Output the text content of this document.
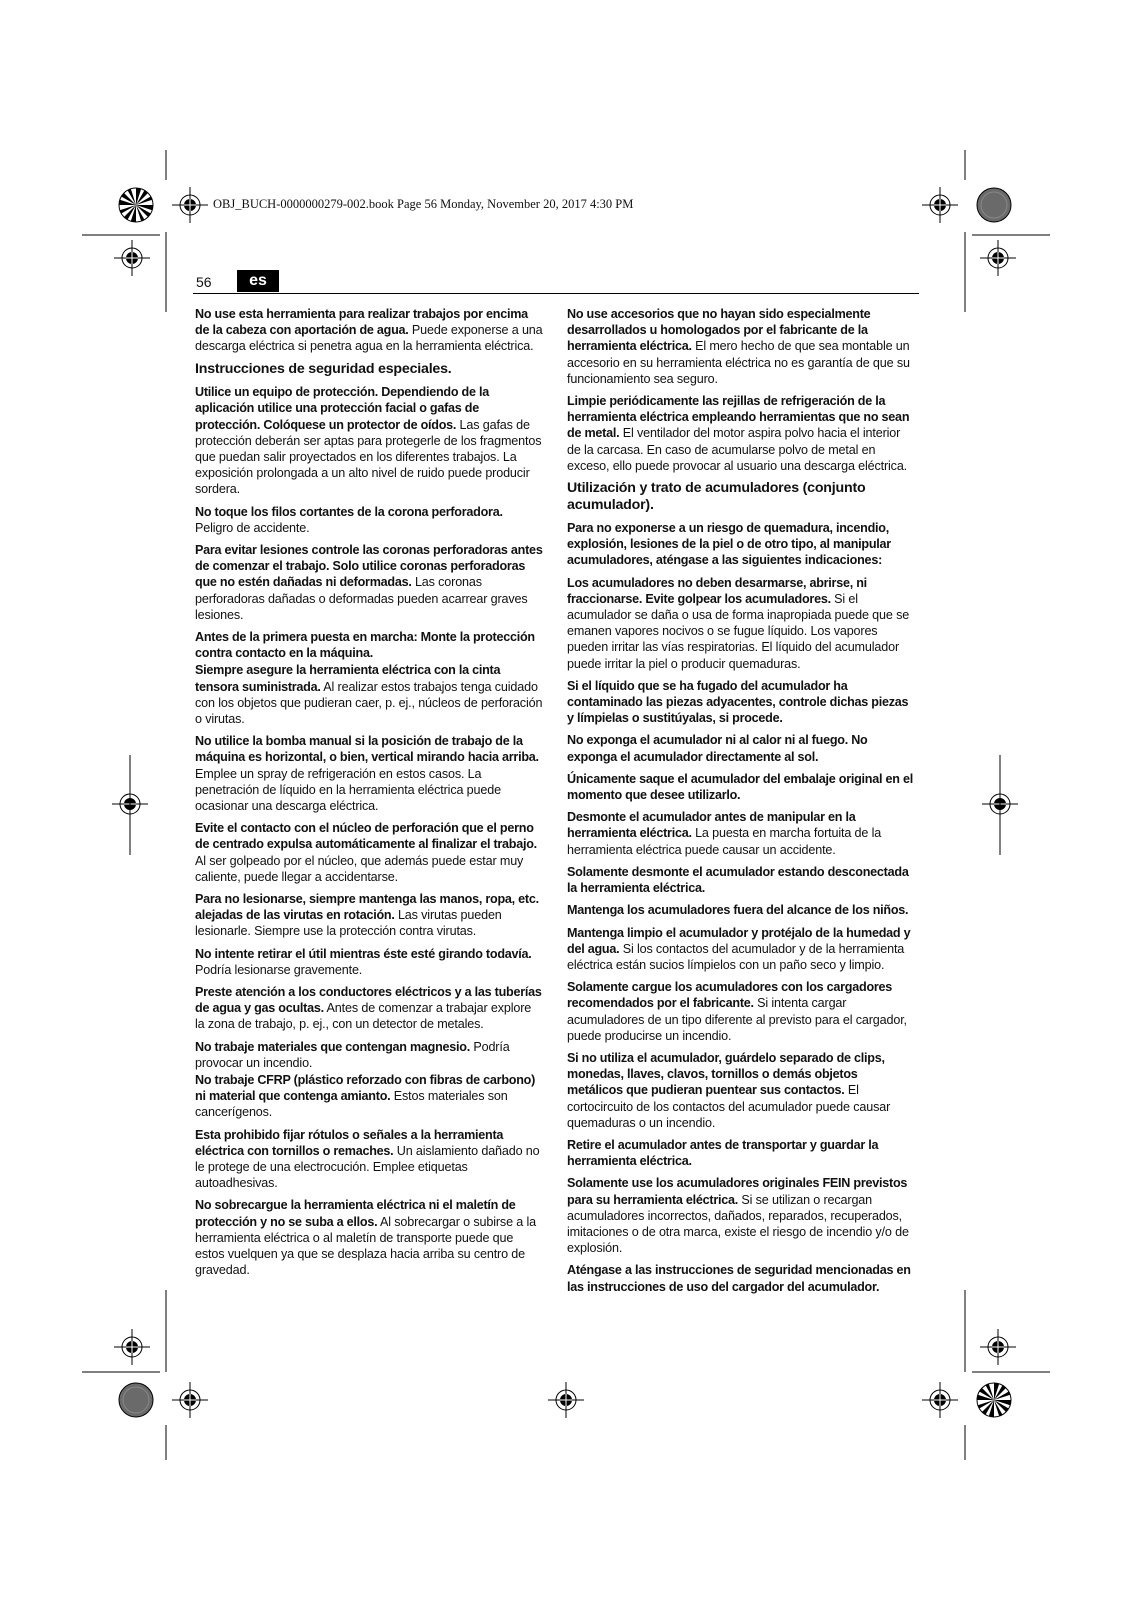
OBJ_BUCH-0000000279-002.book Page 56 Monday, November 20, 2017 4:30 PM
56	es

No use esta herramienta para realizar trabajos por encima de la cabeza con aportación de agua. Puede exponerse a una descarga eléctrica si penetra agua en la herramienta eléctrica.

Instrucciones de seguridad especiales.

Utilice un equipo de protección. Dependiendo de la aplicación utilice una protección facial o gafas de protección. Colóquese un protector de oídos. Las gafas de protección deberán ser aptas para protegerle de los fragmentos que puedan salir proyectados en los diferentes trabajos. La exposición prolongada a un alto nivel de ruido puede producir sordera.

No toque los filos cortantes de la corona perforadora. Peligro de accidente.

Para evitar lesiones controle las coronas perforadoras antes de comenzar el trabajo. Solo utilice coronas perforadoras que no estén dañadas ni deformadas. Las coronas perforadoras dañadas o deformadas pueden acarrear graves lesiones.

Antes de la primera puesta en marcha: Monte la protección contra contacto en la máquina.

Siempre asegure la herramienta eléctrica con la cinta tensora suministrada. Al realizar estos trabajos tenga cuidado con los objetos que pudieran caer, p. ej., núcleos de perforación o virutas.

No utilice la bomba manual si la posición de trabajo de la máquina es horizontal, o bien, vertical mirando hacia arriba. Emplee un spray de refrigeración en estos casos. La penetración de líquido en la herramienta eléctrica puede ocasionar una descarga eléctrica.

Evite el contacto con el núcleo de perforación que el perno de centrado expulsa automáticamente al finalizar el trabajo. Al ser golpeado por el núcleo, que además puede estar muy caliente, puede llegar a accidentarse.

Para no lesionarse, siempre mantenga las manos, ropa, etc. alejadas de las virutas en rotación. Las virutas pueden lesionarle. Siempre use la protección contra virutas.

No intente retirar el útil mientras éste esté girando todavía. Podría lesionarse gravemente.

Preste atención a los conductores eléctricos y a las tuberías de agua y gas ocultas. Antes de comenzar a trabajar explore la zona de trabajo, p. ej., con un detector de metales.

No trabaje materiales que contengan magnesio. Podría provocar un incendio.

No trabaje CFRP (plástico reforzado con fibras de carbono) ni material que contenga amianto. Estos materiales son cancerígenos.

Esta prohibido fijar rótulos o señales a la herramienta eléctrica con tornillos o remaches. Un aislamiento dañado no le protege de una electrocución. Emplee etiquetas autoadhesivas.

No sobrecargue la herramienta eléctrica ni el maletín de protección y no se suba a ellos. Al sobrecargar o subirse a la herramienta eléctrica o al maletín de transporte puede que estos vuelquen ya que se desplaza hacia arriba su centro de gravedad.

No use accesorios que no hayan sido especialmente desarrollados u homologados por el fabricante de la herramienta eléctrica. El mero hecho de que sea montable un accesorio en su herramienta eléctrica no es garantía de que su funcionamiento sea seguro.

Limpie periódicamente las rejillas de refrigeración de la herramienta eléctrica empleando herramientas que no sean de metal. El ventilador del motor aspira polvo hacia el interior de la carcasa. En caso de acumularse polvo de metal en exceso, ello puede provocar al usuario una descarga eléctrica.

Utilización y trato de acumuladores (conjunto acumulador).

Para no exponerse a un riesgo de quemadura, incendio, explosión, lesiones de la piel o de otro tipo, al manipular acumuladores, aténgase a las siguientes indicaciones:

Los acumuladores no deben desarmarse, abrirse, ni fraccionarse. Evite golpear los acumuladores. Si el acumulador se daña o usa de forma inapropiada puede que se emanen vapores nocivos o se fugue líquido. Los vapores pueden irritar las vías respiratorias. El líquido del acumulador puede irritar la piel o producir quemaduras.

Si el líquido que se ha fugado del acumulador ha contaminado las piezas adyacentes, controle dichas piezas y límpielas o sustitúyalas, si procede.

No exponga el acumulador ni al calor ni al fuego. No exponga el acumulador directamente al sol.

Únicamente saque el acumulador del embalaje original en el momento que desee utilizarlo.

Desmonte el acumulador antes de manipular en la herramienta eléctrica. La puesta en marcha fortuita de la herramienta eléctrica puede causar un accidente.

Solamente desmonte el acumulador estando desconectada la herramienta eléctrica.

Mantenga los acumuladores fuera del alcance de los niños.

Mantenga limpio el acumulador y protéjalo de la humedad y del agua. Si los contactos del acumulador y de la herramienta eléctrica están sucios límpielos con un paño seco y limpio.

Solamente cargue los acumuladores con los cargadores recomendados por el fabricante. Si intenta cargar acumuladores de un tipo diferente al previsto para el cargador, puede producirse un incendio.

Si no utiliza el acumulador, guárdelo separado de clips, monedas, llaves, clavos, tornillos o demás objetos metálicos que pudieran puentear sus contactos. El cortocircuito de los contactos del acumulador puede causar quemaduras o un incendio.

Retire el acumulador antes de transportar y guardar la herramienta eléctrica.

Solamente use los acumuladores originales FEIN previstos para su herramienta eléctrica. Si se utilizan o recargan acumuladores incorrectos, dañados, reparados, recuperados, imitaciones o de otra marca, existe el riesgo de incendio y/o de explosión.

Aténgase a las instrucciones de seguridad mencionadas en las instrucciones de uso del cargador del acumulador.
